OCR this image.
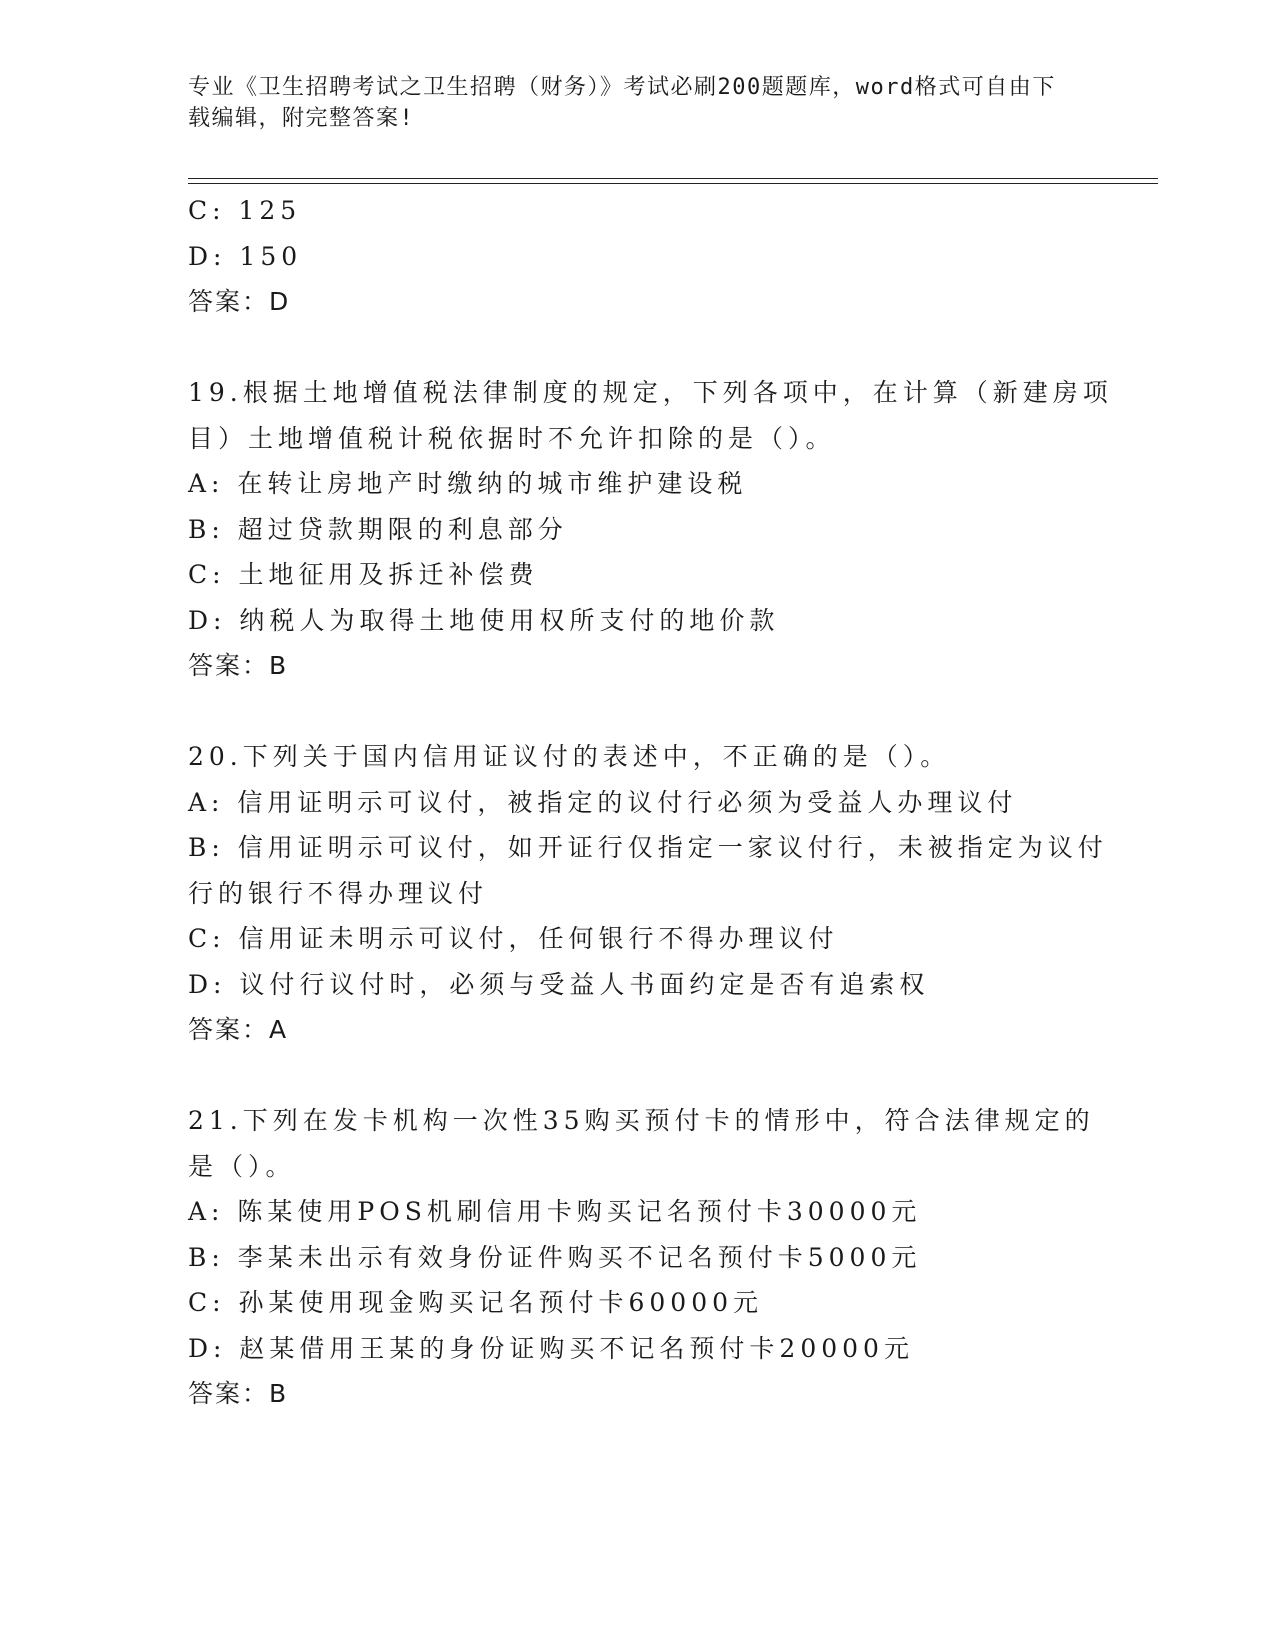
专业《卫生招聘考试之卫生招聘（财务）》考试必刷200题题库，word格式可自由下载编辑，附完整答案!
C: 125
D: 150
答案：D
19.根据土地增值税法律制度的规定，下列各项中，在计算（新建房项
目）土地增值税计税依据时不允许扣除的是（）。
A: 在转让房地产时缴纳的城市维护建设税
B: 超过贷款期限的利息部分
C: 土地征用及拆迁补偿费
D: 纳税人为取得土地使用权所支付的地价款
答案：B
20.下列关于国内信用证议付的表述中，不正确的是（）。
A: 信用证明示可议付，被指定的议付行必须为受益人办理议付
B: 信用证明示可议付，如开证行仅指定一家议付行，未被指定为议付
行的银行不得办理议付
C: 信用证未明示可议付，任何银行不得办理议付
D: 议付行议付时，必须与受益人书面约定是否有追索权
答案：A
21.下列在发卡机构一次性35购买预付卡的情形中，符合法律规定的
是（）。
A: 陈某使用POS机刷信用卡购买记名预付卡30000元
B: 李某未出示有效身份证件购买不记名预付卡5000元
C: 孙某使用现金购买记名预付卡60000元
D: 赵某借用王某的身份证购买不记名预付卡20000元
答案：B
